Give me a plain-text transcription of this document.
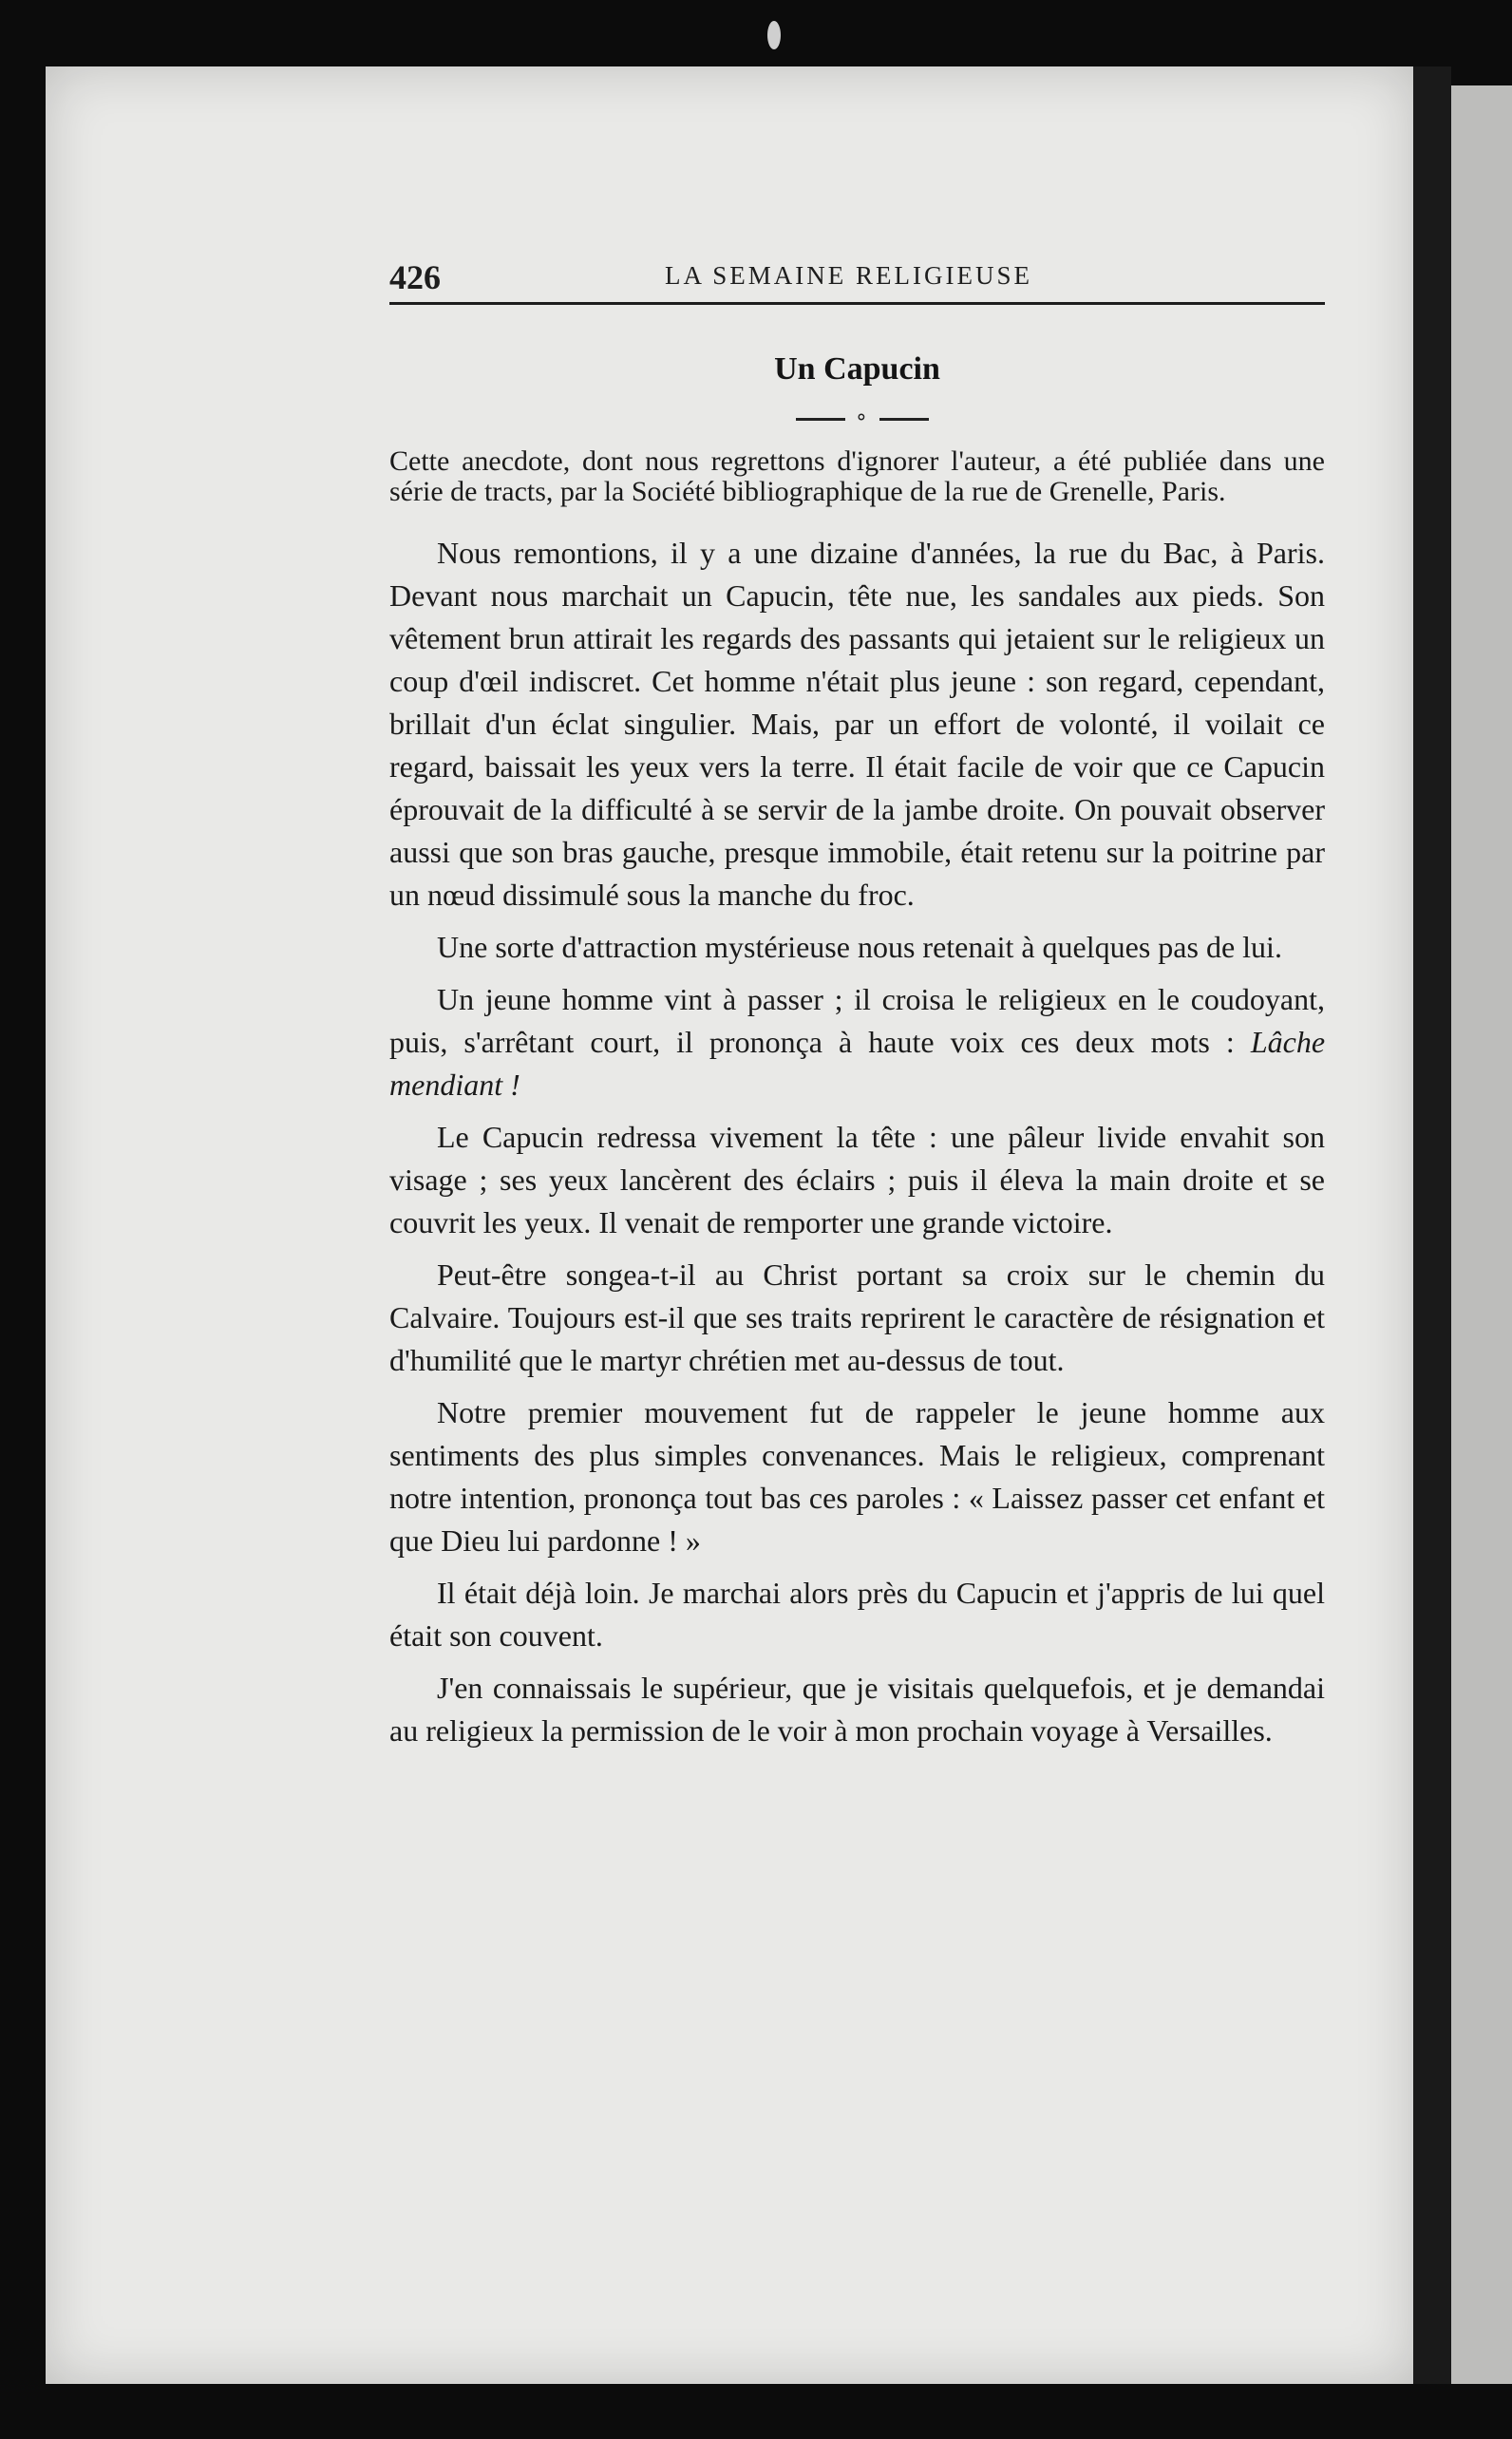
426	LA SEMAINE RELIGIEUSE
Un Capucin
∘

Cette anecdote, dont nous regrettons d'ignorer l'auteur, a été publiée dans une série de tracts, par la Société bibliographique de la rue de Grenelle, Paris.

Nous remontions, il y a une dizaine d'années, la rue du Bac, à Paris. Devant nous marchait un Capucin, tête nue, les sandales aux pieds. Son vêtement brun attirait les regards des passants qui jetaient sur le religieux un coup d'œil indiscret. Cet homme n'était plus jeune : son regard, cependant, brillait d'un éclat singulier. Mais, par un effort de volonté, il voilait ce regard, baissait les yeux vers la terre. Il était facile de voir que ce Capucin éprouvait de la difficulté à se servir de la jambe droite. On pouvait observer aussi que son bras gauche, presque immobile, était retenu sur la poitrine par un nœud dissimulé sous la manche du froc.

Une sorte d'attraction mystérieuse nous retenait à quelques pas de lui.

Un jeune homme vint à passer ; il croisa le religieux en le coudoyant, puis, s'arrêtant court, il prononça à haute voix ces deux mots : Lâche mendiant !

Le Capucin redressa vivement la tête : une pâleur livide envahit son visage ; ses yeux lancèrent des éclairs ; puis il éleva la main droite et se couvrit les yeux. Il venait de remporter une grande victoire.

Peut-être songea-t-il au Christ portant sa croix sur le chemin du Calvaire. Toujours est-il que ses traits reprirent le caractère de résignation et d'humilité que le martyr chrétien met au-dessus de tout.

Notre premier mouvement fut de rappeler le jeune homme aux sentiments des plus simples convenances. Mais le religieux, comprenant notre intention, prononça tout bas ces paroles : « Laissez passer cet enfant et que Dieu lui pardonne ! »

Il était déjà loin. Je marchai alors près du Capucin et j'appris de lui quel était son couvent.

J'en connaissais le supérieur, que je visitais quelquefois, et je demandai au religieux la permission de le voir à mon prochain voyage à Versailles.
